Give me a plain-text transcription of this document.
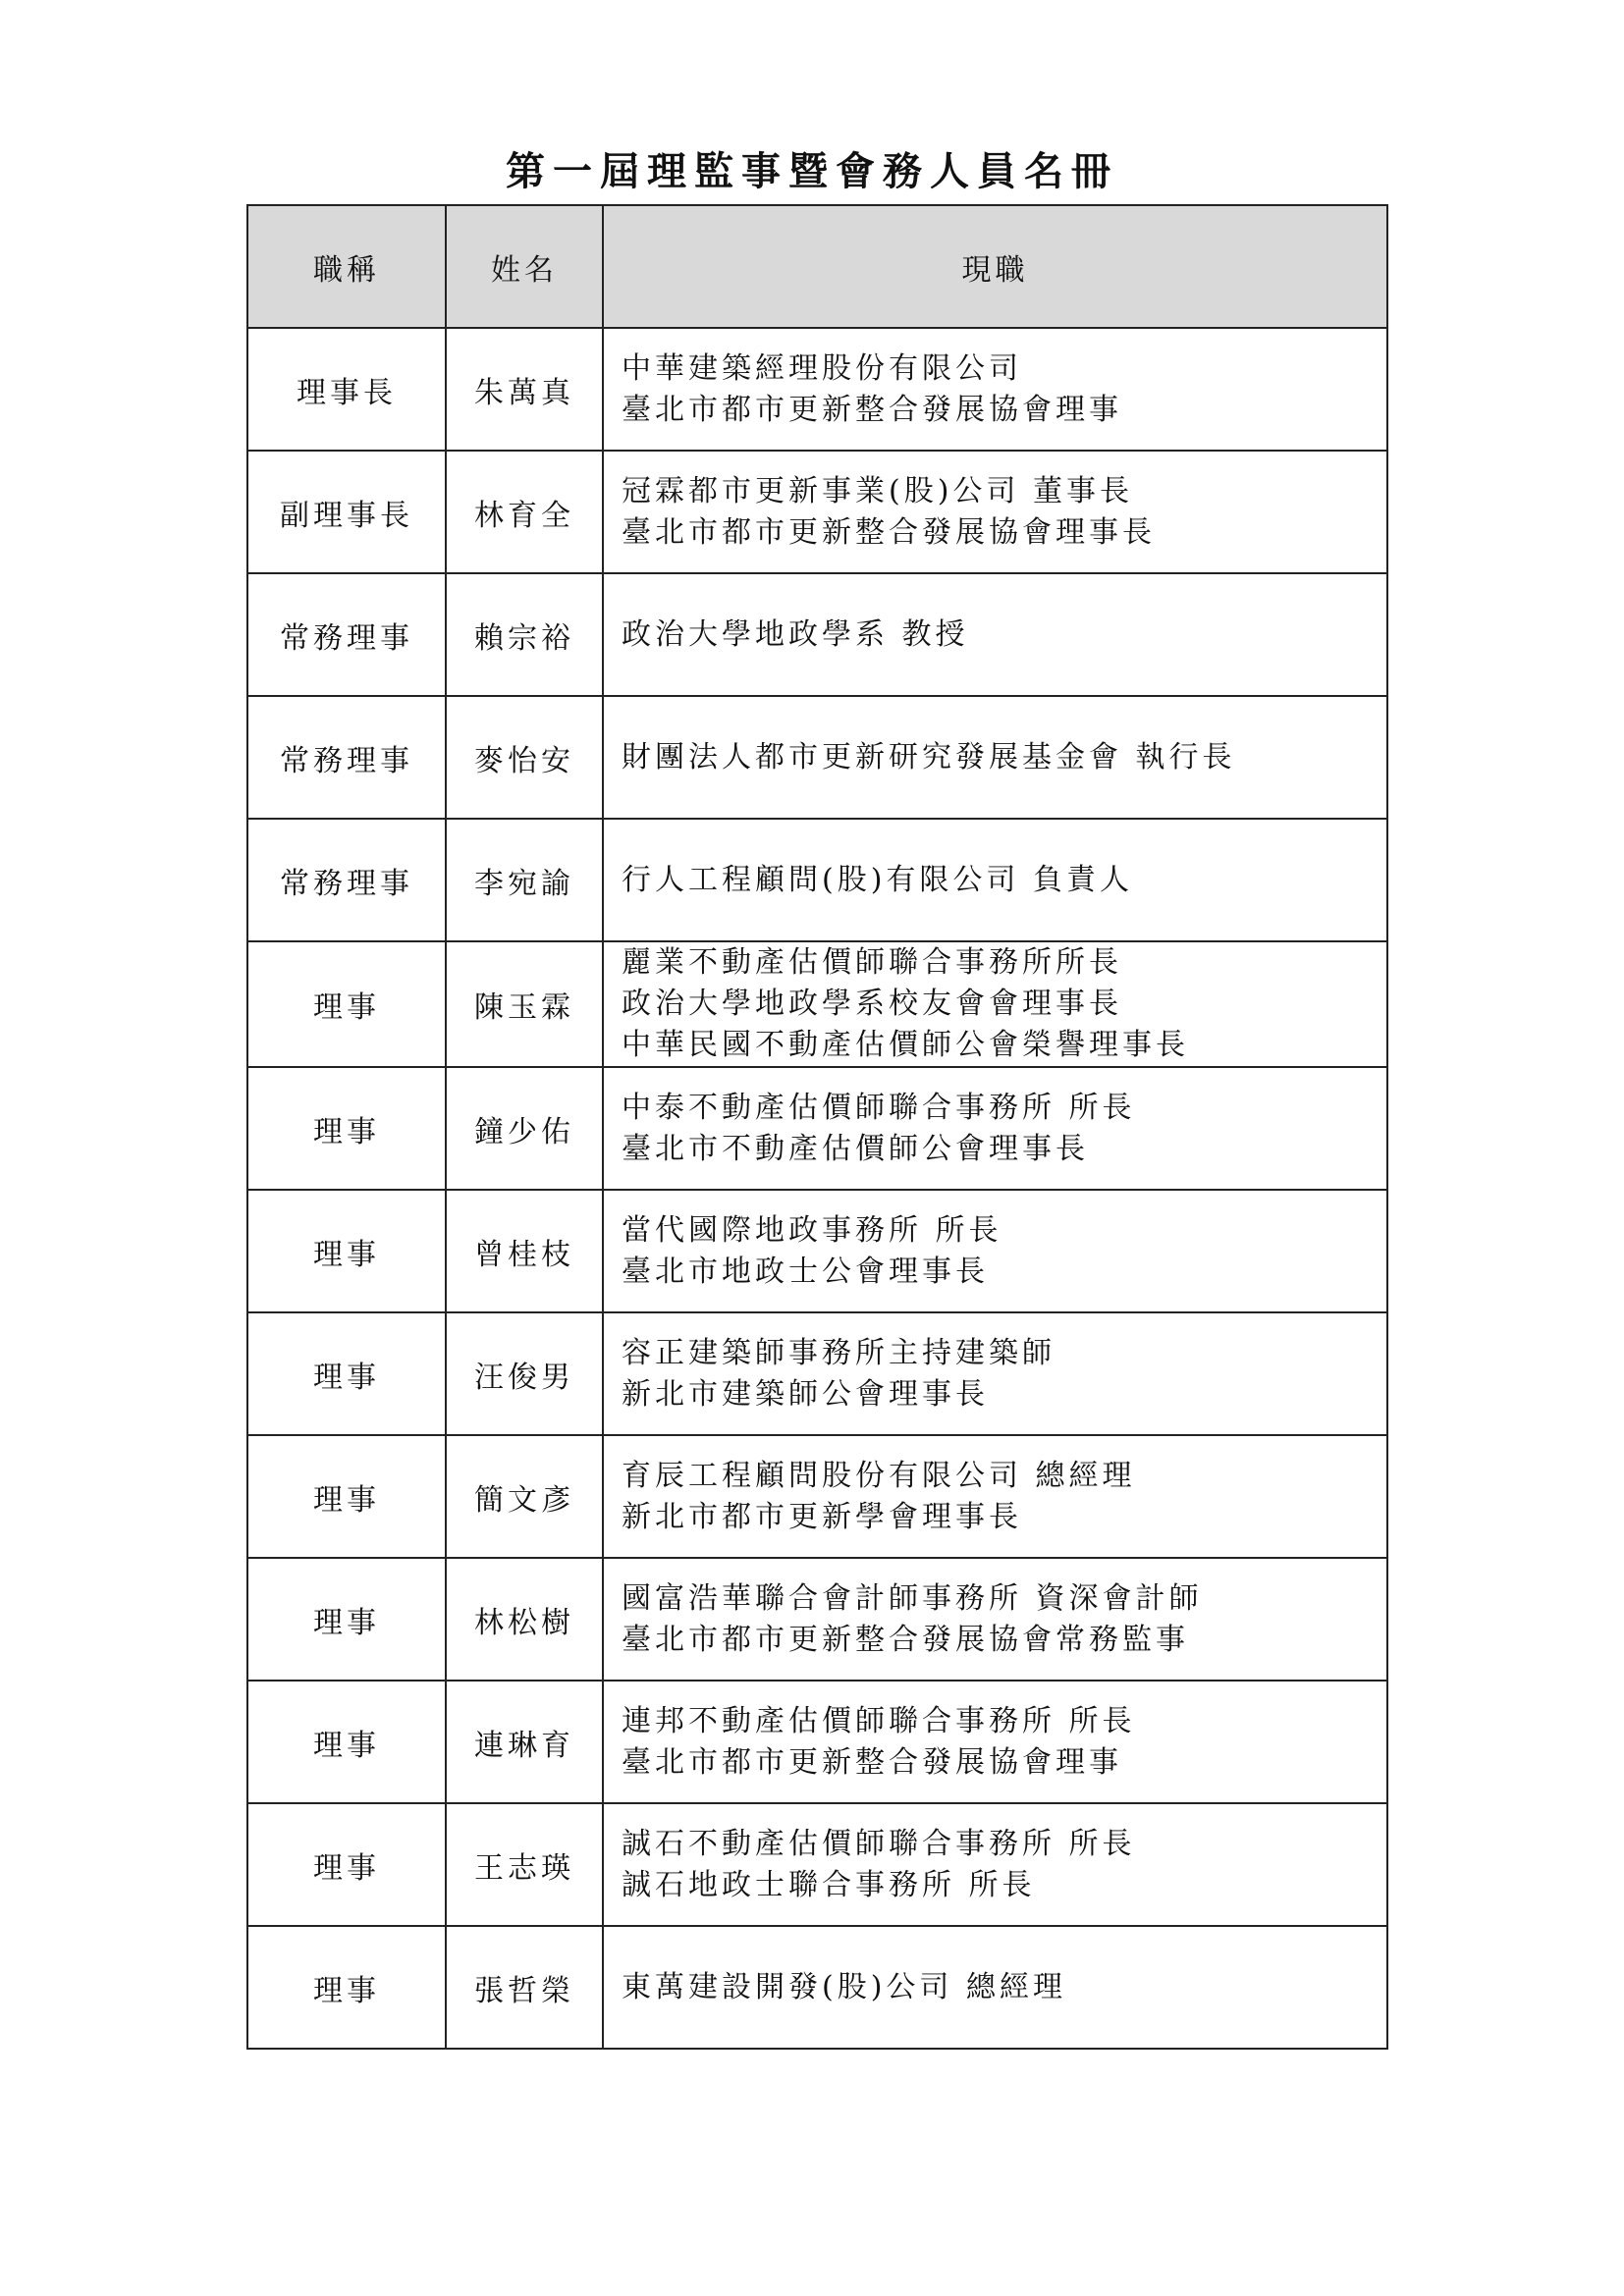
第一屆理監事暨會務人員名冊
職稱	姓名	現職
理事長	朱萬真	中華建築經理股份有限公司
臺北市都市更新整合發展協會理事

副理事長	林育全	冠霖都市更新事業(股)公司 董事長
臺北市都市更新整合發展協會理事長

常務理事	賴宗裕	政治大學地政學系 教授

常務理事	麥怡安	財團法人都市更新研究發展基金會 執行長

常務理事	李宛諭	行人工程顧問(股)有限公司 負責人

理事	陳玉霖	麗業不動產估價師聯合事務所所長
政治大學地政學系校友會會理事長
中華民國不動產估價師公會榮譽理事長

理事	鐘少佑	中泰不動產估價師聯合事務所 所長
臺北市不動產估價師公會理事長

理事	曾桂枝	當代國際地政事務所 所長
臺北市地政士公會理事長

理事	汪俊男	容正建築師事務所主持建築師
新北市建築師公會理事長

理事	簡文彥	育辰工程顧問股份有限公司 總經理
新北市都市更新學會理事長

理事	林松樹	國富浩華聯合會計師事務所 資深會計師
臺北市都市更新整合發展協會常務監事

理事	連琳育	連邦不動產估價師聯合事務所 所長
臺北市都市更新整合發展協會理事

理事	王志瑛	誠石不動產估價師聯合事務所 所長
誠石地政士聯合事務所 所長

理事	張哲榮	東萬建設開發(股)公司 總經理
